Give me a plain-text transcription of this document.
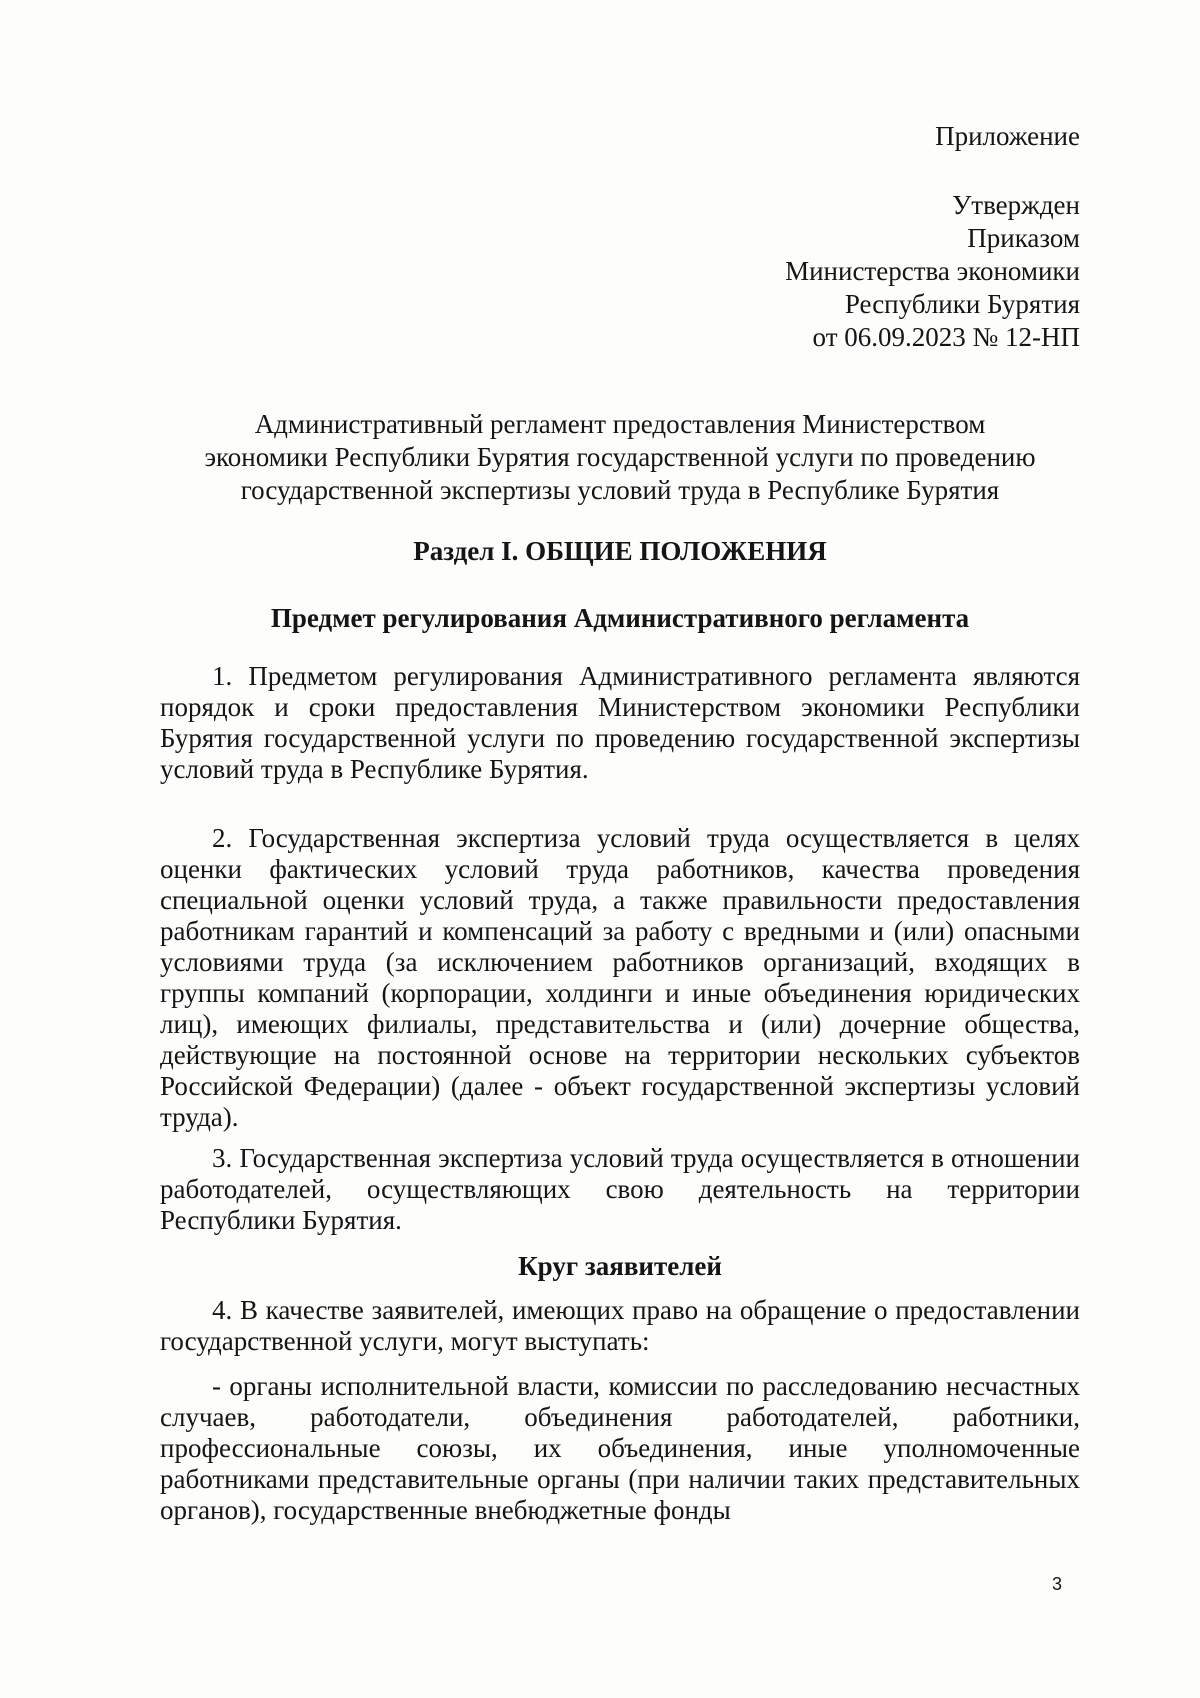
Приложение

Утвержден

Приказом

Министерства экономики

Республики Бурятия

от 06.09.2023 № 12-НП

Административный регламент предоставления Министерством
экономики Республики Бурятия государственной услуги по проведению
государственной экспертизы условий труда в Республике Бурятия
Раздел I. ОБЩИЕ ПОЛОЖЕНИЯ
Предмет регулирования Административного регламента

1. Предметом регулирования Административного регламента являются порядок и сроки предоставления Министерством экономики Республики Бурятия государственной услуги по проведению государственной экспертизы условий труда в Республике Бурятия.

2. Государственная экспертиза условий труда осуществляется в целях оценки фактических условий труда работников, качества проведения специальной оценки условий труда, а также правильности предоставления работникам гарантий и компенсаций за работу с вредными и (или) опасными условиями труда (за исключением работников организаций, входящих в группы компаний (корпорации, холдинги и иные объединения юридических лиц), имеющих филиалы, представительства и (или) дочерние общества, действующие на постоянной основе на территории нескольких субъектов Российской Федерации) (далее - объект государственной экспертизы условий труда).

3. Государственная экспертиза условий труда осуществляется в отношении работодателей, осуществляющих свою деятельность на территории Республики Бурятия.

Круг заявителей

4. В качестве заявителей, имеющих право на обращение о предоставлении государственной услуги, могут выступать:

- органы исполнительной власти, комиссии по расследованию несчастных случаев, работодатели, объединения работодателей, работники, профессиональные союзы, их объединения, иные уполномоченные работниками представительные органы (при наличии таких представительных органов), государственные внебюджетные фонды

3
